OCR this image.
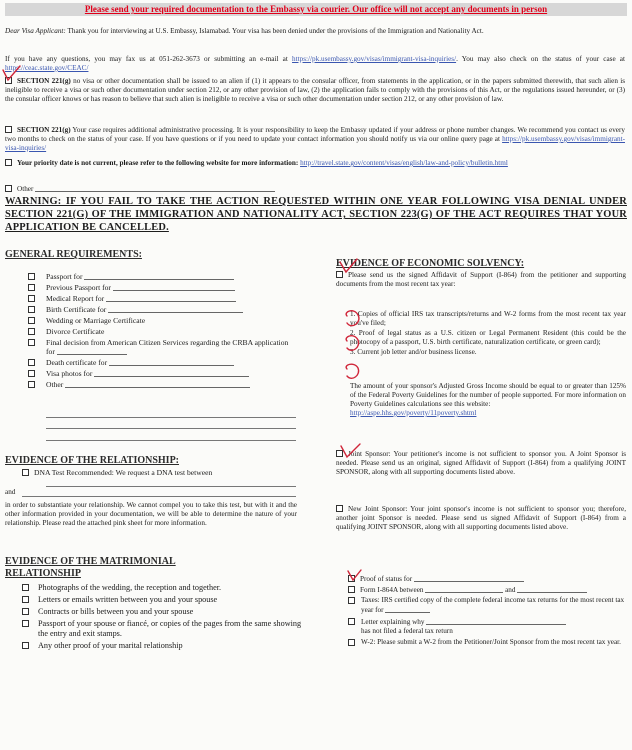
Please send your required documentation to the Embassy via courier. Our office will not accept any documents in person
Dear Visa Applicant: Thank you for interviewing at U.S. Embassy, Islamabad. Your visa has been denied under the provisions of the Immigration and Nationality Act.
If you have any questions, you may fax us at 051-262-3673 or submitting an e-mail at https://pk.usembassy.gov/visas/immigrant-visa-inquiries/. You may also check on the status of your case at https://ceac.state.gov/CEAC/
SECTION 221(g) no visa or other documentation shall be issued to an alien if (1) it appears to the consular officer, from statements in the application, or in the papers submitted therewith, that such alien is ineligible to receive a visa or such other documentation under section 212, or any other provision of law, (2) the application fails to comply with the provisions of this Act, or the regulations issued hereunder, or (3) the consular officer knows or has reason to believe that such alien is ineligible to receive a visa or such other documentation under section 212, or any other provision of law.
SECTION 221(g) Your case requires additional administrative processing. It is your responsibility to keep the Embassy updated if your address or phone number changes. We recommend you contact us every two months to check on the status of your case. If you have questions or if you need to update your contact information you should notify us via our online query page at https://pk.usembassy.gov/visas/immigrant-visa-inquiries/
Your priority date is not current, please refer to the following website for more information: http://travel.state.gov/content/visas/english/law-and-policy/bulletin.html
Other
WARNING: IF YOU FAIL TO TAKE THE ACTION REQUESTED WITHIN ONE YEAR FOLLOWING VISA DENIAL UNDER SECTION 221(G) OF THE IMMIGRATION AND NATIONALITY ACT, SECTION 223(G) OF THE ACT REQUIRES THAT YOUR APPLICATION BE CANCELLED.
GENERAL REQUIREMENTS:
Passport for
Previous Passport for
Medical Report for
Birth Certificate for
Wedding or Marriage Certificate
Divorce Certificate
Final decision from American Citizen Services regarding the CRBA application for
Death certificate for
Visa photos for
Other
EVIDENCE OF THE RELATIONSHIP:
DNA Test Recommended: We request a DNA test between
and
in order to substantiate your relationship. We cannot compel you to take this test, but with it and the other information provided in your documentation, we will be able to determine the nature of your relationship. Please read the attached pink sheet for more information.
EVIDENCE OF THE MATRIMONIAL
RELATIONSHIP
Photographs of the wedding, the reception and together.
Letters or emails written between you and your spouse
Contracts or bills between you and your spouse
Passport of your spouse or fiancé, or copies of the pages from the same showing the entry and exit stamps.
Any other proof of your marital relationship
EVIDENCE OF ECONOMIC SOLVENCY:
Please send us the signed Affidavit of Support (I-864) from the petitioner and supporting documents from the most recent tax year:
1. Copies of official IRS tax transcripts/returns and W-2 forms from the most recent tax year you've filed;
2. Proof of legal status as a U.S. citizen or Legal Permanent Resident (this could be the photocopy of a passport, U.S. birth certificate, naturalization certificate, or green card);
3. Current job letter and/or business license.
The amount of your sponsor's Adjusted Gross Income should be equal to or greater than 125% of the Federal Poverty Guidelines for the number of people supported. For more information on Poverty Guidelines calculations see this website:
http://aspe.hhs.gov/poverty/11poverty.shtml
Joint Sponsor: Your petitioner's income is not sufficient to sponsor you. A Joint Sponsor is needed. Please send us an original, signed Affidavit of Support (I-864) from a qualifying JOINT SPONSOR, along with all supporting documents listed above.
New Joint Sponsor: Your joint sponsor's income is not sufficient to sponsor you; therefore, another joint Sponsor is needed. Please send us signed Affidavit of Support (I-864) from a qualifying JOINT SPONSOR, along with all supporting documents listed above.
Proof of status for
Form I-864A between	and
Taxes: IRS certified copy of the complete federal income tax returns for the most recent tax year for
Letter explaining why
has not filed a federal tax return
W-2: Please submit a W-2 from the Petitioner/Joint Sponsor from the most recent tax year.
